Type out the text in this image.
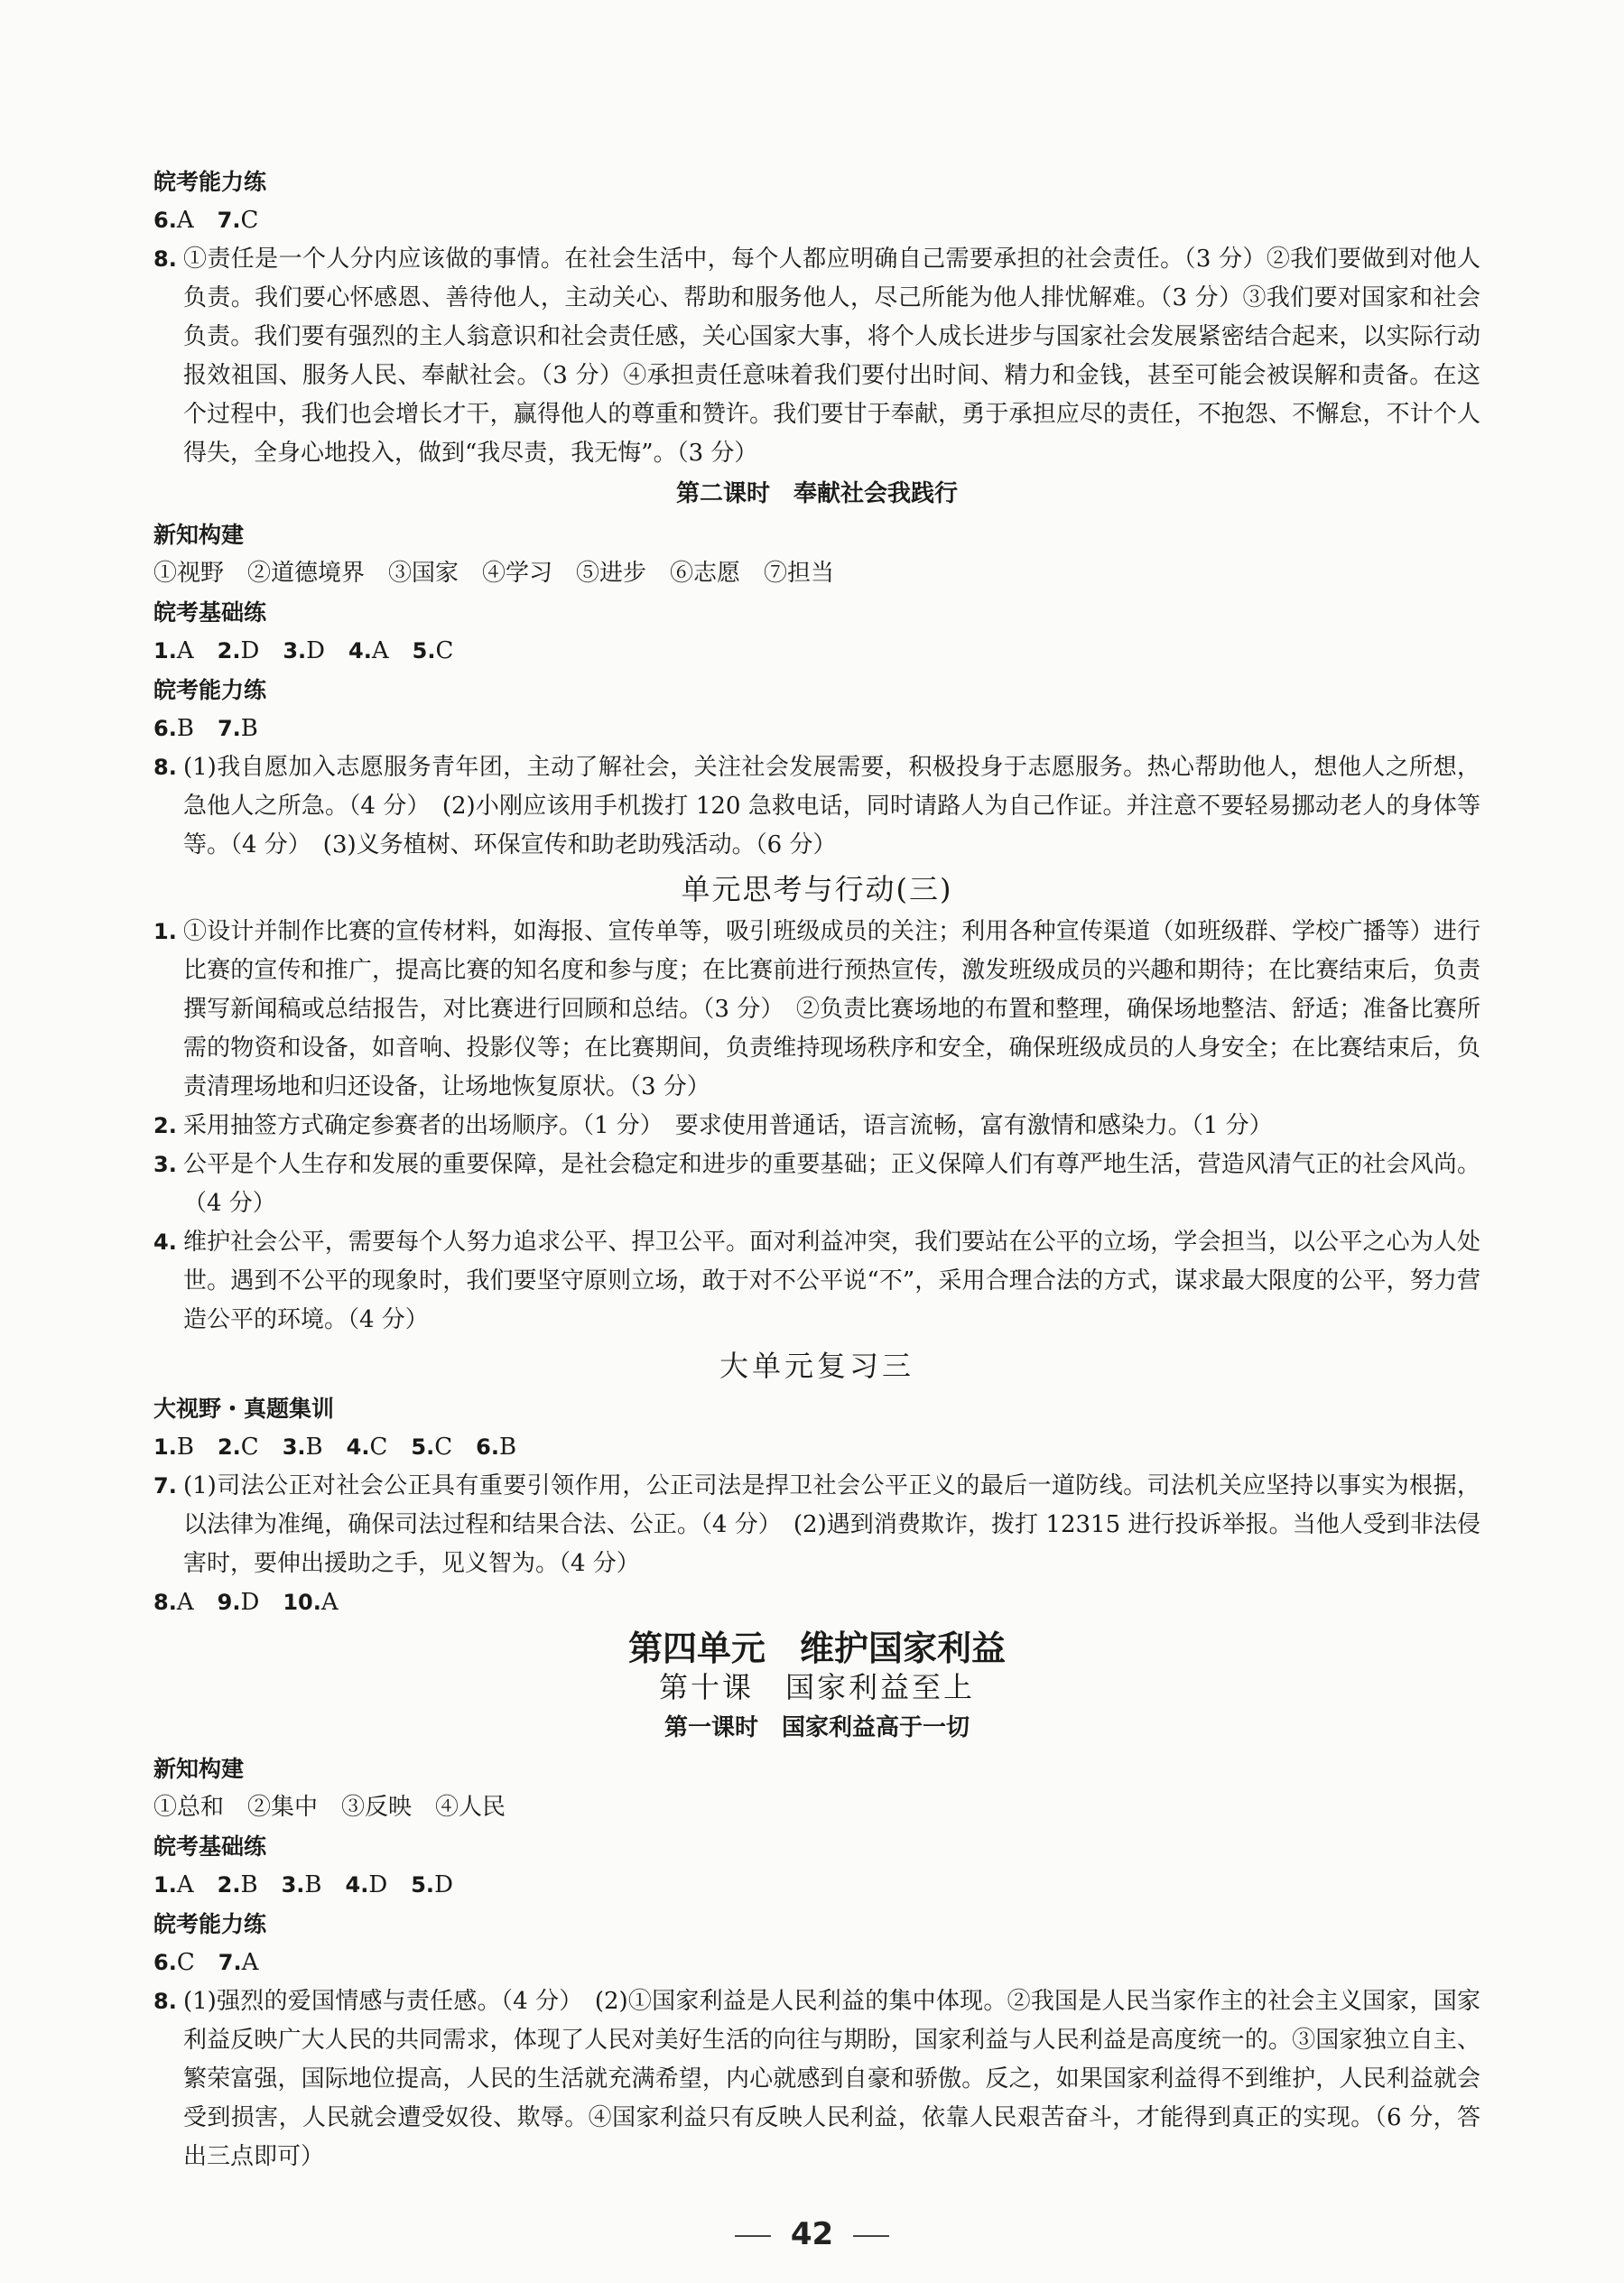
皖考能力练
6.A　 7.C
8. ①责任是一个人分内应该做的事情。在社会生活中，每个人都应明确自己需要承担的社会责任。（3 分）②我们要做到对他人负责。我们要心怀感恩、善待他人，主动关心、帮助和服务他人，尽己所能为他人排忧解难。（3 分）③我们要对国家和社会负责。我们要有强烈的主人翁意识和社会责任感，关心国家大事，将个人成长进步与国家社会发展紧密结合起来，以实际行动报效祖国、服务人民、奉献社会。（3 分）④承担责任意味着我们要付出时间、精力和金钱，甚至可能会被误解和责备。在这个过程中，我们也会增长才干，赢得他人的尊重和赞许。我们要甘于奉献，勇于承担应尽的责任，不抱怨、不懈怠，不计个人得失，全身心地投入，做到“我尽责，我无悔”。（3 分）
第二课时　奉献社会我践行
新知构建
①视野　②道德境界　③国家　④学习　⑤进步　⑥志愿　⑦担当
皖考基础练
1.A　 2.D　 3.D　 4.A　 5.C
皖考能力练
6.B　 7.B
8. (1)我自愿加入志愿服务青年团，主动了解社会，关注社会发展需要，积极投身于志愿服务。热心帮助他人，想他人之所想，急他人之所急。（4 分）　(2)小刚应该用手机拨打 120 急救电话，同时请路人为自己作证。并注意不要轻易挪动老人的身体等等。（4 分）　(3)义务植树、环保宣传和助老助残活动。（6 分）
单元思考与行动(三)
1. ①设计并制作比赛的宣传材料，如海报、宣传单等，吸引班级成员的关注；利用各种宣传渠道（如班级群、学校广播等）进行比赛的宣传和推广，提高比赛的知名度和参与度；在比赛前进行预热宣传，激发班级成员的兴趣和期待；在比赛结束后，负责撰写新闻稿或总结报告，对比赛进行回顾和总结。（3 分）　②负责比赛场地的布置和整理，确保场地整洁、舒适；准备比赛所需的物资和设备，如音响、投影仪等；在比赛期间，负责维持现场秩序和安全，确保班级成员的人身安全；在比赛结束后，负责清理场地和归还设备，让场地恢复原状。（3 分）
2. 采用抽签方式确定参赛者的出场顺序。（1 分）　要求使用普通话，语言流畅，富有激情和感染力。（1 分）
3. 公平是个人生存和发展的重要保障，是社会稳定和进步的重要基础；正义保障人们有尊严地生活，营造风清气正的社会风尚。（4 分）
4. 维护社会公平，需要每个人努力追求公平、捍卫公平。面对利益冲突，我们要站在公平的立场，学会担当，以公平之心为人处世。遇到不公平的现象时，我们要坚守原则立场，敢于对不公平说“不”，采用合理合法的方式，谋求最大限度的公平，努力营造公平的环境。（4 分）
大单元复习三
大视野・真题集训
1.B　 2.C　 3.B　 4.C　 5.C　 6.B
7. (1)司法公正对社会公正具有重要引领作用，公正司法是捍卫社会公平正义的最后一道防线。司法机关应坚持以事实为根据，以法律为准绳，确保司法过程和结果合法、公正。（4 分）　(2)遇到消费欺诈，拨打 12315 进行投诉举报。当他人受到非法侵害时，要伸出援助之手，见义智为。（4 分）
8.A　 9.D　 10.A
第四单元　维护国家利益
第十课　国家利益至上
第一课时　国家利益高于一切
新知构建
①总和　②集中　③反映　④人民
皖考基础练
1.A　 2.B　 3.B　 4.D　 5.D
皖考能力练
6.C　 7.A
8. (1)强烈的爱国情感与责任感。（4 分）　(2)①国家利益是人民利益的集中体现。②我国是人民当家作主的社会主义国家，国家利益反映广大人民的共同需求，体现了人民对美好生活的向往与期盼，国家利益与人民利益是高度统一的。③国家独立自主、繁荣富强，国际地位提高，人民的生活就充满希望，内心就感到自豪和骄傲。反之，如果国家利益得不到维护，人民利益就会受到损害，人民就会遭受奴役、欺辱。④国家利益只有反映人民利益，依靠人民艰苦奋斗，才能得到真正的实现。（6 分，答出三点即可）
42
